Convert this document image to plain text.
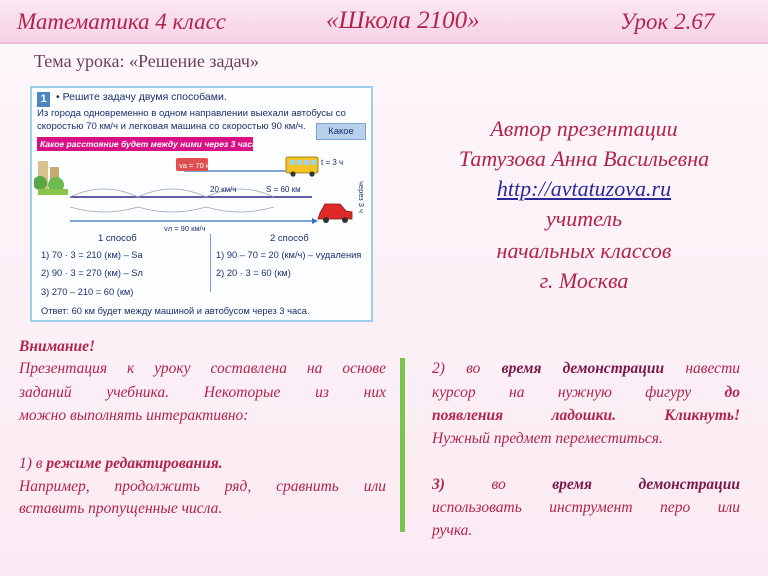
Математика 4 класс	«Школа 2100»	Урок 2.67
Тема урока: «Решение задач»
1 • Решите задачу двумя способами.
Из города одновременно в одном направлении выехали автобусы со
скоростью 70 км/ч и легковая машина со скоростью 90 км/ч.	Какое
Какое расстояние будет между ними через 3 часа?
vа = 70 км/ч
20 км/ч	S = 60 км
vл = 90 км/ч
t = 3 ч
через 3 ч
1 способ	2 способ
1) 70 · 3 = 210 (км) – Sа
2) 90 · 3 = 270 (км) – Sл
3) 270 – 210 = 60 (км)
1) 90 – 70 = 20 (км/ч) – vудаления
2) 20 · 3 = 60 (км)
Ответ: 60 км будет между машиной и автобусом через 3 часа.
Автор презентации
Татузова Анна Васильевна
http://avtatuzova.ru
учитель
начальных классов
г. Москва
Внимание!
Презентация к уроку составлена на основе
заданий учебника. Некоторые из них
можно выполнять интерактивно:
1) в режиме редактирования.
Например, продолжить ряд, сравнить или
вставить пропущенные числа.
2) во время демонстрации навести
курсор на нужную фигуру до
появления ладошки. Кликнуть!
Нужный предмет переместиться.
3)	во	время	демонстрации
использовать инструмент перо или
ручка.
